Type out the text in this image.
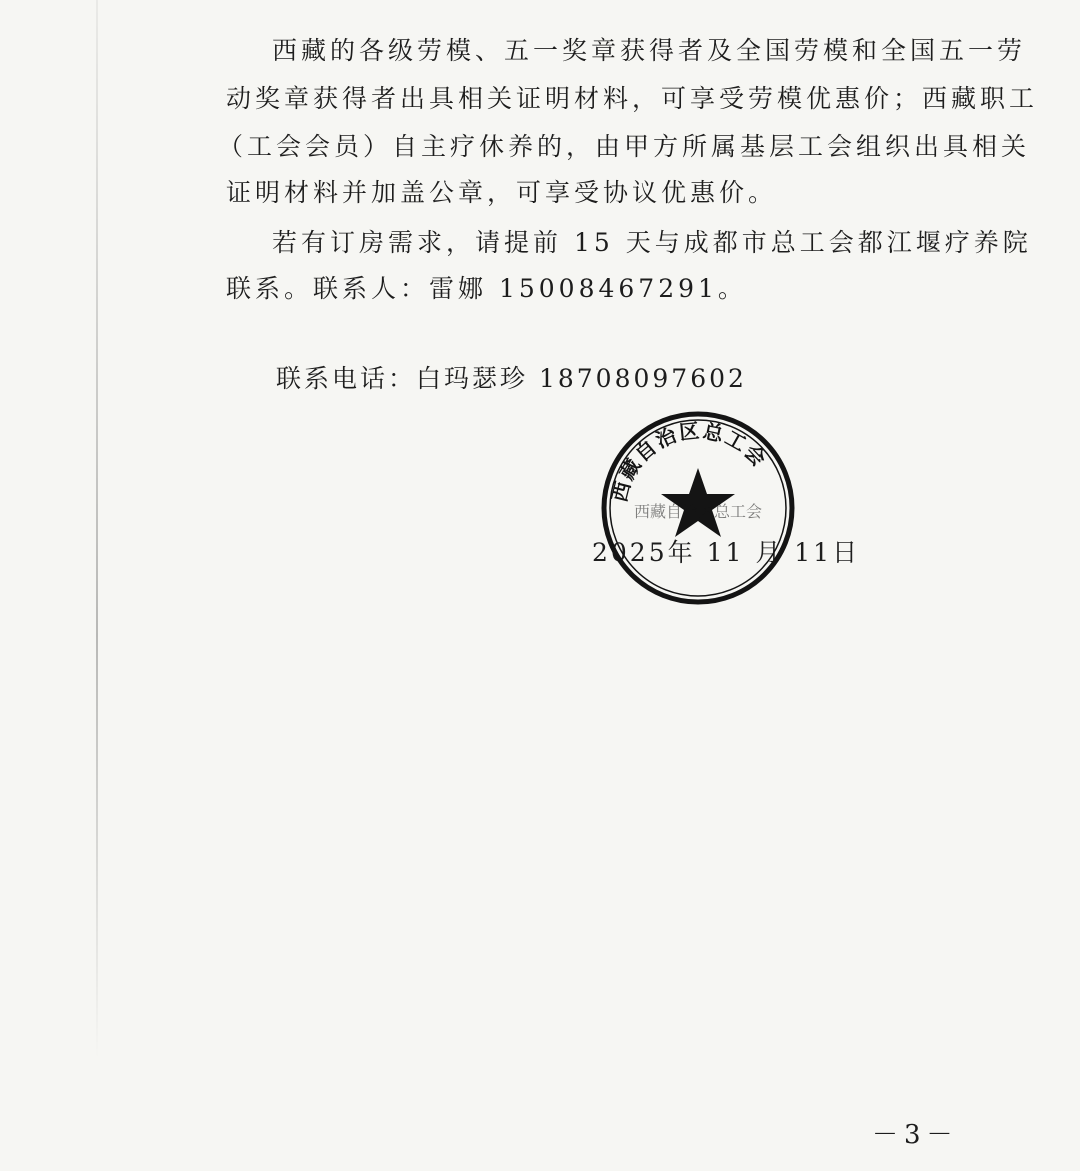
西藏的各级劳模、五一奖章获得者及全国劳模和全国五一劳
动奖章获得者出具相关证明材料，可享受劳模优惠价；西藏职工
（工会会员）自主疗休养的，由甲方所属基层工会组织出具相关
证明材料并加盖公章，可享受协议优惠价。
若有订房需求，请提前 15 天与成都市总工会都江堰疗养院
联系。联系人：雷娜 15008467291。
联系电话：白玛瑟珍 18708097602
2025年 11 月 11日
西藏自治区总工会
西藏自治区总工会
－3－
